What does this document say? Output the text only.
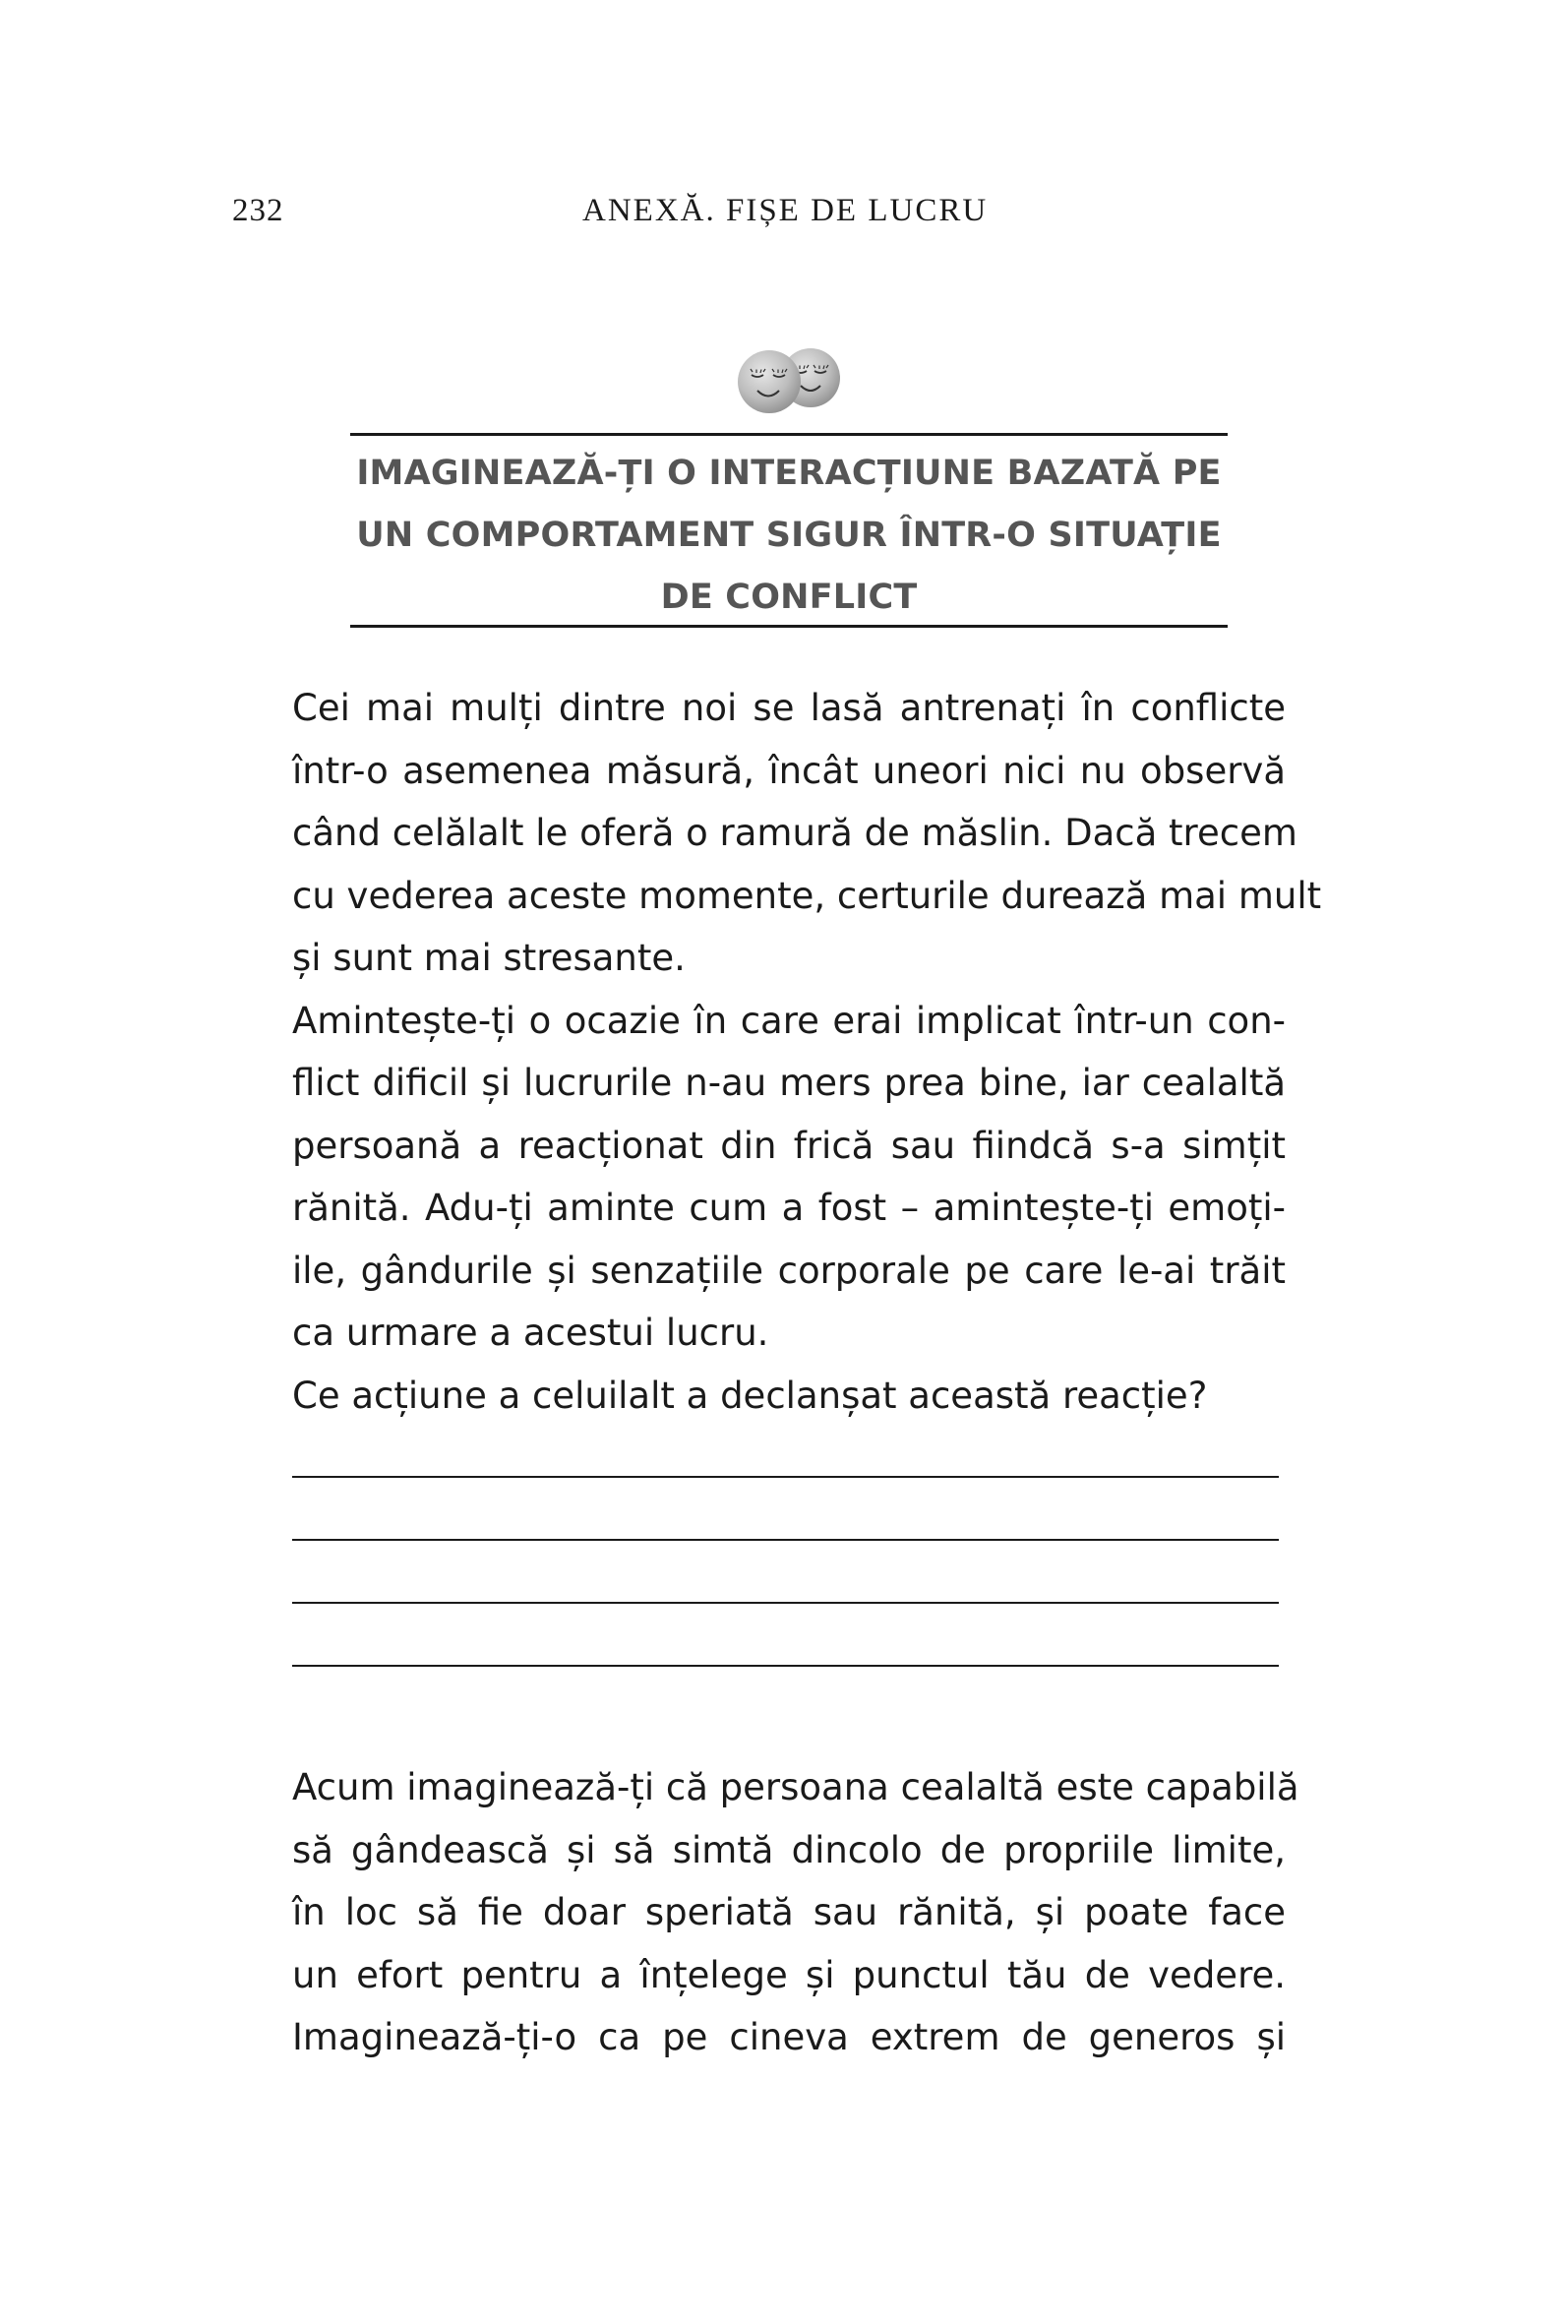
232	ANEXĂ. FIȘE DE LUCRU
IMAGINEAZĂ-ȚI O INTERACȚIUNE BAZATĂ PE
UN COMPORTAMENT SIGUR ÎNTR-O SITUAȚIE
DE CONFLICT
Cei mai mulți dintre noi se lasă antrenați în conflicte
într-o asemenea măsură, încât uneori nici nu observă
când celălalt le oferă o ramură de măslin. Dacă trecem
cu vederea aceste momente, certurile durează mai mult
și sunt mai stresante.
Amintește-ți o ocazie în care erai implicat într-un con-
flict dificil și lucrurile n-au mers prea bine, iar cealaltă
persoană a reacționat din frică sau fiindcă s-a simțit
rănită. Adu-ți aminte cum a fost – amintește-ți emoți-
ile, gândurile și senzațiile corporale pe care le-ai trăit
ca urmare a acestui lucru.
Ce acțiune a celuilalt a declanșat această reacție?
Acum imaginează-ți că persoana cealaltă este capabilă
să gândească și să simtă dincolo de propriile limite,
în loc să fie doar speriată sau rănită, și poate face
un efort pentru a înțelege și punctul tău de vedere.
Imaginează-ți-o ca pe cineva extrem de generos și
